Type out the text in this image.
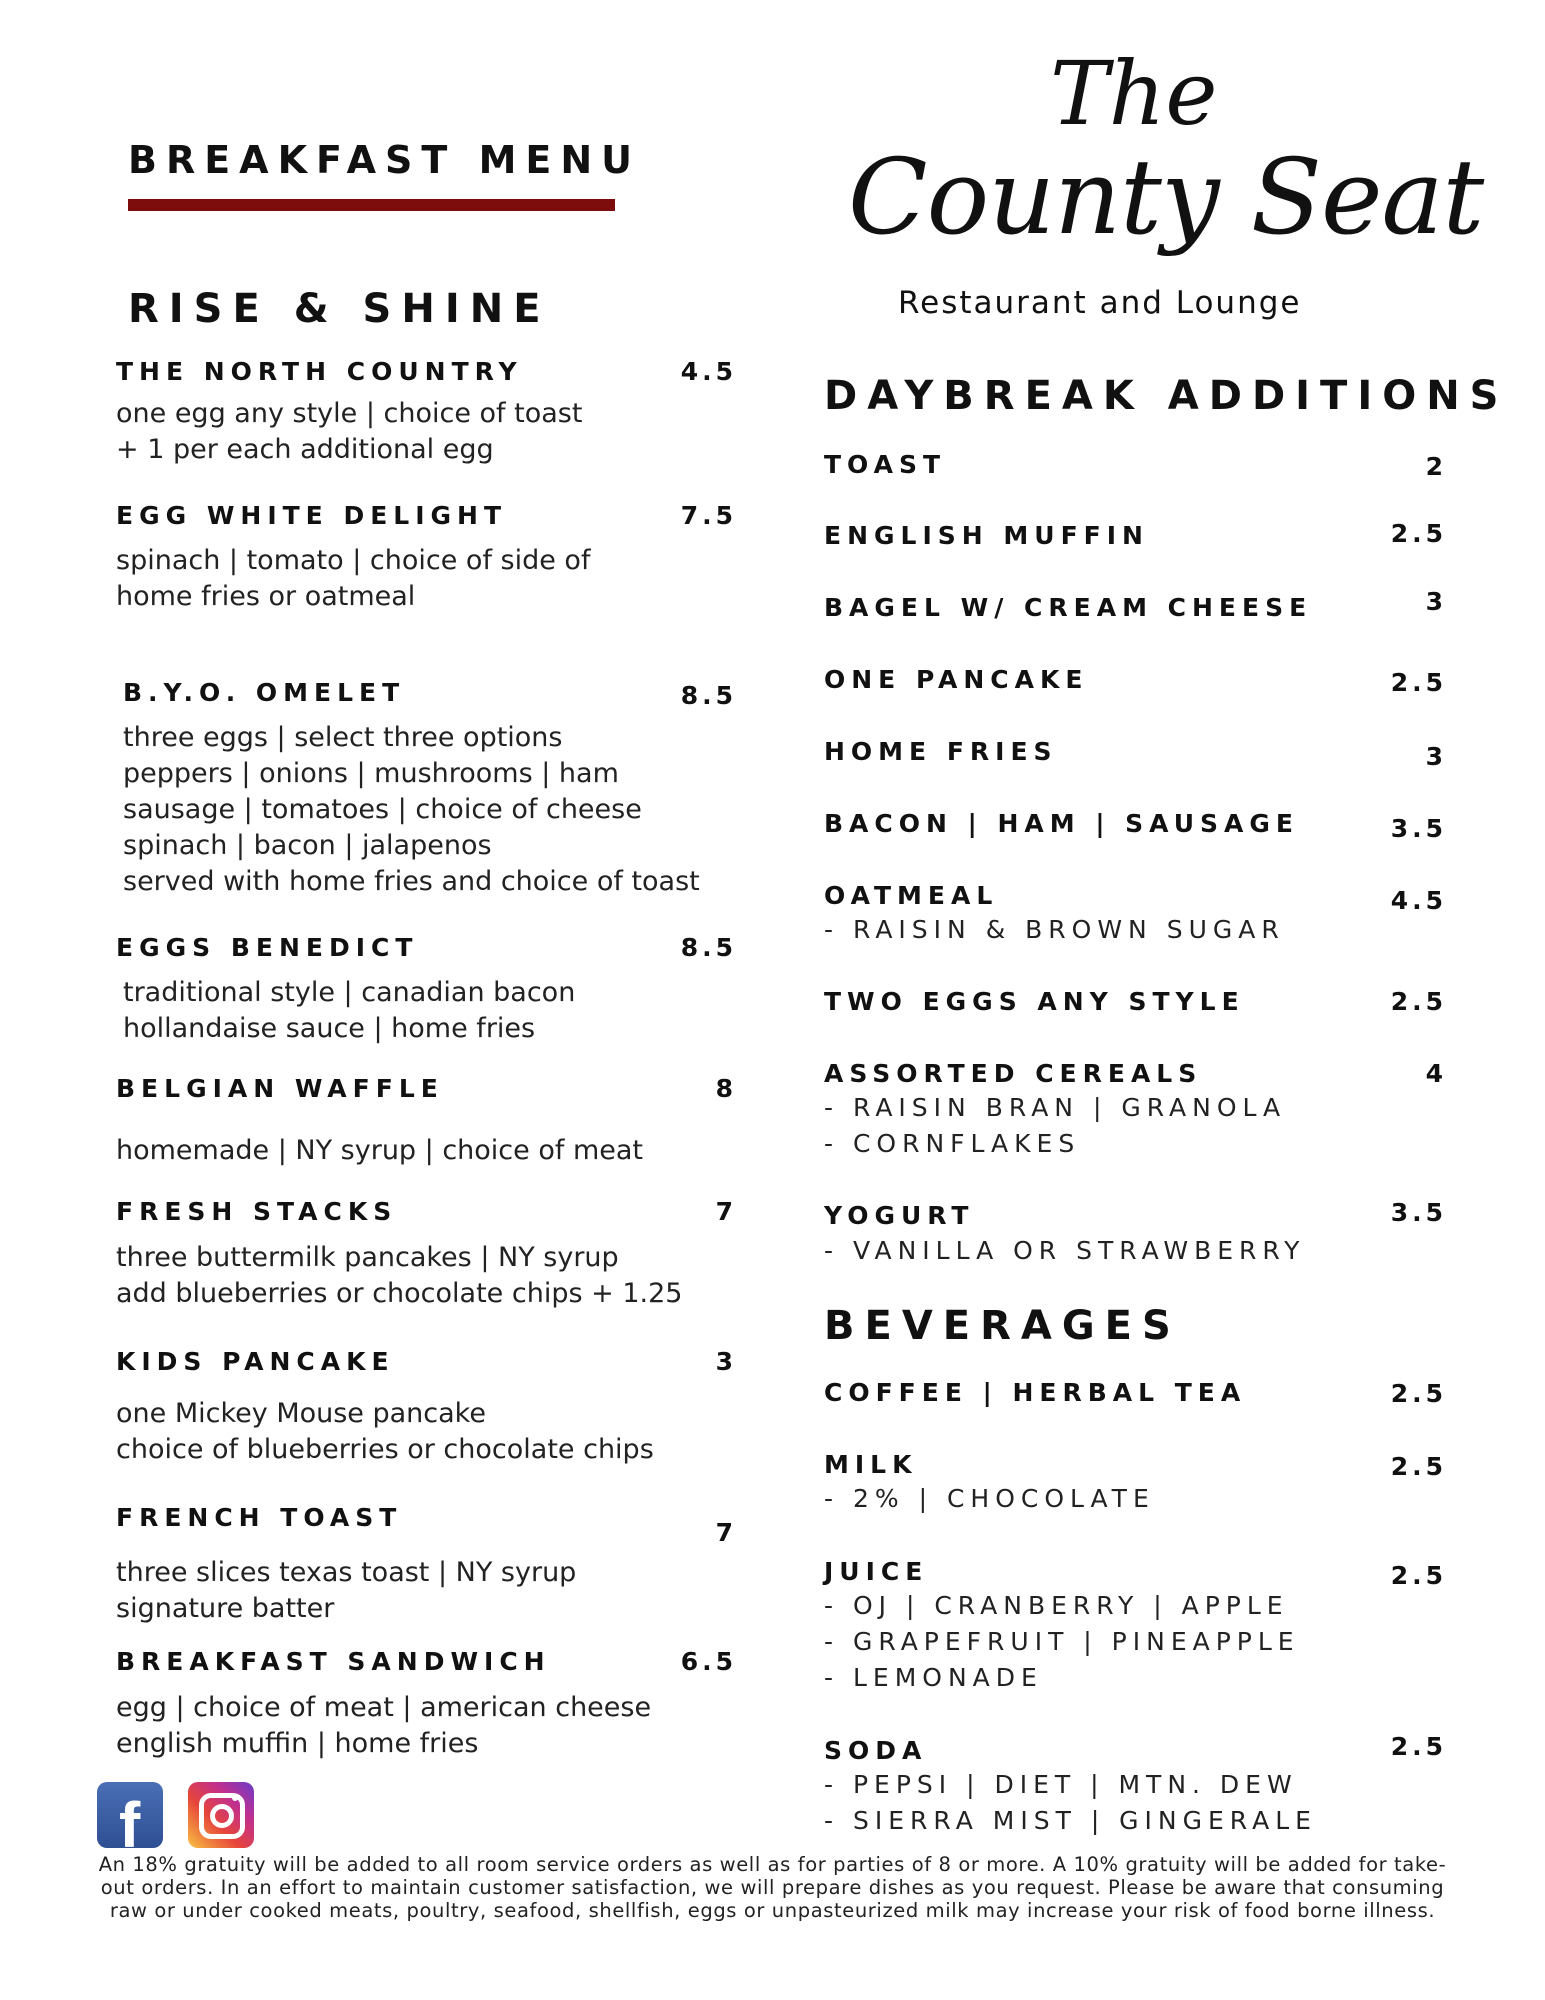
BREAKFAST MENU
The
County Seat
Restaurant and Lounge
RISE & SHINE
THE NORTH COUNTRY	4.5
one egg any style | choice of toast
+ 1 per each additional egg
EGG WHITE DELIGHT	7.5
spinach | tomato | choice of side of
home fries or oatmeal
B.Y.O. OMELET	8.5
three eggs | select three options
peppers | onions | mushrooms | ham
sausage | tomatoes | choice of cheese
spinach | bacon | jalapenos
served with home fries and choice of toast
EGGS BENEDICT	8.5
traditional style | canadian bacon
hollandaise sauce | home fries
BELGIAN WAFFLE	8
homemade | NY syrup | choice of meat
FRESH STACKS	7
three buttermilk pancakes | NY syrup
add blueberries or chocolate chips + 1.25
KIDS PANCAKE	3
one Mickey Mouse pancake
choice of blueberries or chocolate chips
FRENCH TOAST
7
three slices texas toast | NY syrup
signature batter
BREAKFAST SANDWICH	6.5
egg | choice of meat | american cheese
english muffin | home fries
DAYBREAK ADDITIONS
TOAST	2
ENGLISH MUFFIN	2.5
BAGEL W/ CREAM CHEESE	3
ONE PANCAKE	2.5
HOME FRIES	3
BACON | HAM | SAUSAGE	3.5
OATMEAL	4.5
- RAISIN & BROWN SUGAR
TWO EGGS ANY STYLE	2.5
ASSORTED CEREALS	4
- RAISIN BRAN | GRANOLA
- CORNFLAKES
YOGURT	3.5
- VANILLA OR STRAWBERRY
BEVERAGES
COFFEE | HERBAL TEA	2.5
MILK	2.5
- 2% | CHOCOLATE
JUICE	2.5
- OJ | CRANBERRY | APPLE
- GRAPEFRUIT | PINEAPPLE
- LEMONADE
SODA	2.5
- PEPSI | DIET | MTN. DEW
- SIERRA MIST | GINGERALE
f
An 18% gratuity will be added to all room service orders as well as for parties of 8 or more. A 10% gratuity will be added for take-
out orders. In an effort to maintain customer satisfaction, we will prepare dishes as you request. Please be aware that consuming
raw or under cooked meats, poultry, seafood, shellfish, eggs or unpasteurized milk may increase your risk of food borne illness.
